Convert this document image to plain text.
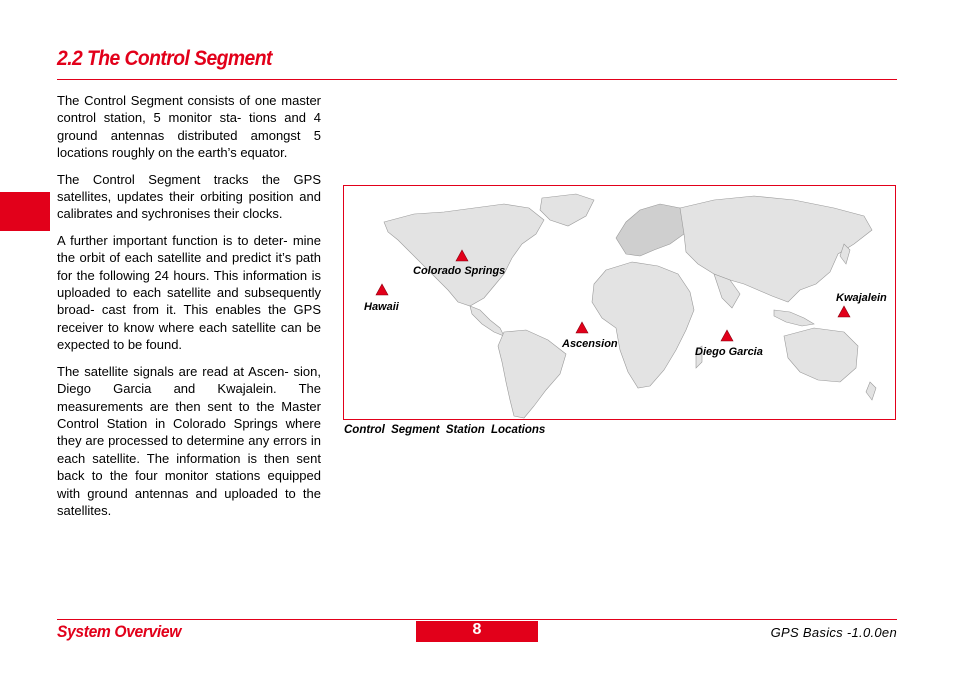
2.2 The Control Segment

The Control Segment consists of one master control station, 5 monitor sta- tions and 4 ground antennas distributed amongst 5 locations roughly on the earth’s equator.

The Control Segment tracks the GPS satellites, updates their orbiting position and calibrates and sychronises their clocks.

A further important function is to deter- mine the orbit of each satellite and predict it’s path for the following 24 hours. This information is uploaded to each satellite and subsequently broad- cast from it. This enables the GPS receiver to know where each satellite can be expected to be found.

The satellite signals are read at Ascen- sion, Diego Garcia and Kwajalein. The measurements are then sent to the Master Control Station in Colorado Springs where they are processed to determine any errors in each satellite. The information is then sent back to the four monitor stations equipped with ground antennas and uploaded to the satellites.

Colorado Springs
Hawaii
Ascension
Diego Garcia
Kwajalein
Control Segment Station Locations
System Overview	8	GPS Basics -1.0.0en
